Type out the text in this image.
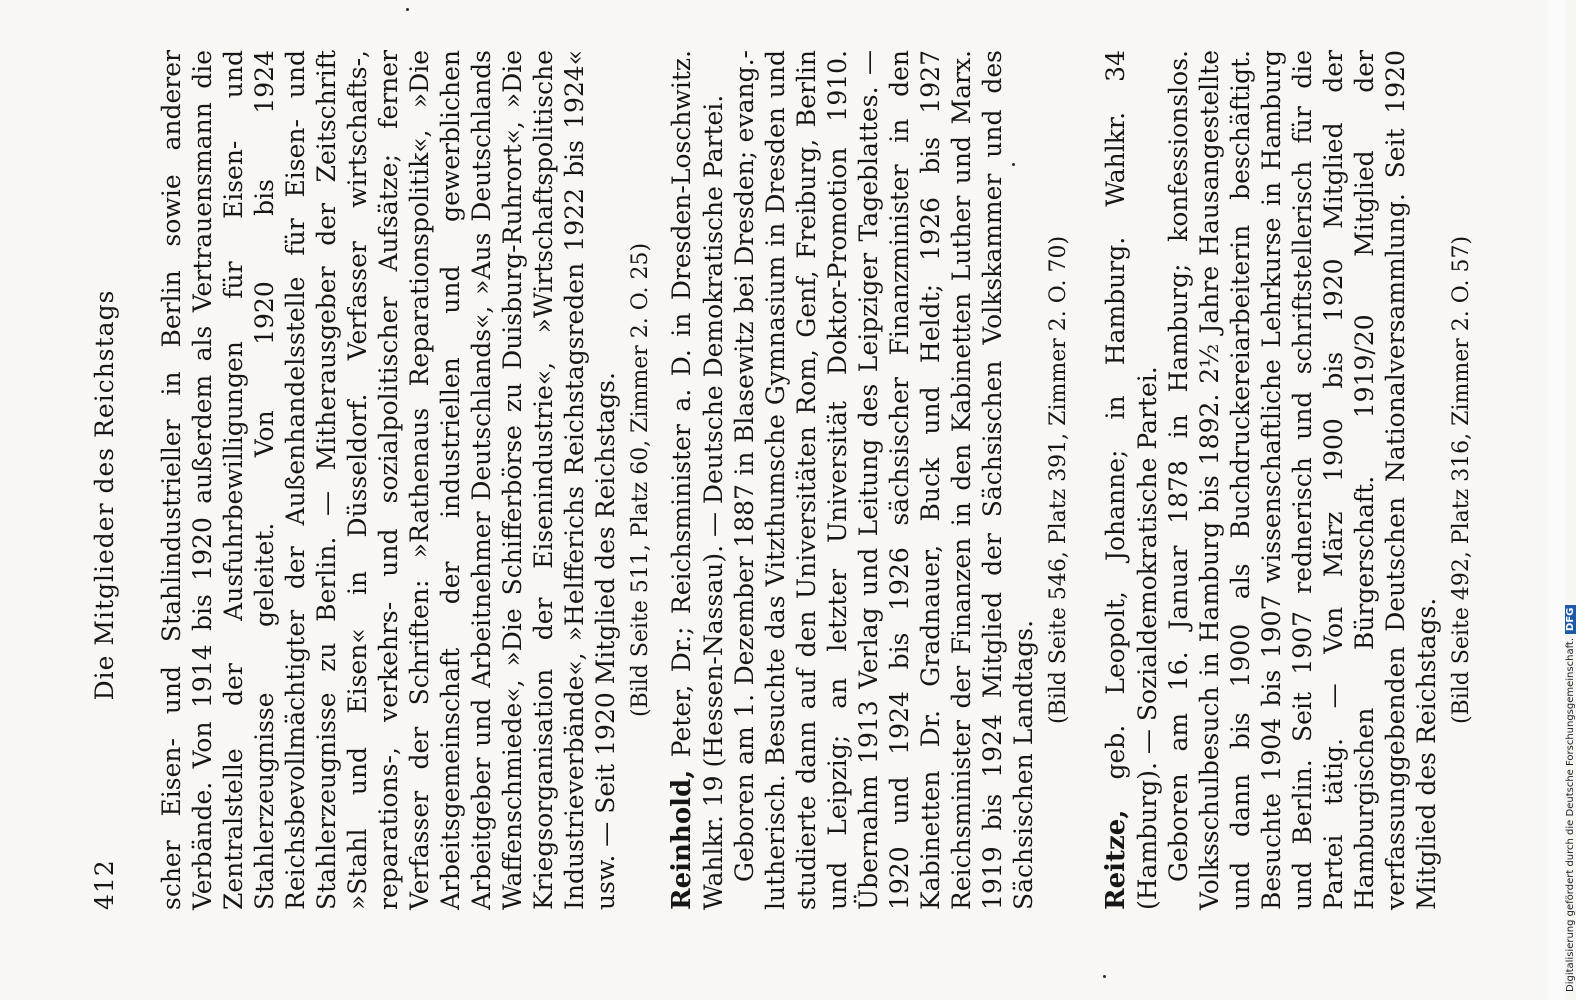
412
Die Mitglieder des Reichstags scher Eisen- und Stahlindustrieller in Berlin sowie anderer Verbände. Von 1914 bis 1920 außerdem als Vertrauensmann die Zentralstelle der Ausfuhrbewilligungen für Eisen- und Stahlerzeugnisse geleitet. Von 1920 bis 1924 Reichsbevollmächtigter der Außenhandelsstelle für Eisen- und Stahlerzeugnisse zu Berlin. — Mitherausgeber der Zeitschrift »Stahl und Eisen« in Düsseldorf. Verfasser wirtschafts-, reparations-, verkehrs- und sozialpolitischer Aufsätze; ferner Verfasser der Schriften: »Rathenaus Reparationspolitik«, »Die Arbeitsgemeinschaft der industriellen und gewerblichen Arbeitgeber und Arbeitnehmer Deutschlands«, »Aus Deutschlands Waffenschmiede«, »Die Schifferbörse zu Duisburg-Ruhrort«, »Die Kriegsorganisation der Eisenindustrie«, »Wirtschaftspolitische Industrieverbände«, »Helfferichs Reichstagsreden 1922 bis 1924« usw. — Seit 1920 Mitglied des Reichstags. (Bild Seite 511, Platz 60, Zimmer 2. O. 25)

Reinhold, Peter, Dr.; Reichsminister a. D. in Dresden-Loschwitz. Wahlkr. 19 (Hessen-Nassau). — Deutsche Demokratische Partei. Geboren am 1. Dezember 1887 in Blasewitz bei Dresden; evang.-lutherisch. Besuchte das Vitzthumsche Gymnasium in Dresden und studierte dann auf den Universitäten Rom, Genf, Freiburg, Berlin und Leipzig; an letzter Universität Doktor-Promotion 1910. Übernahm 1913 Verlag und Leitung des Leipziger Tageblattes. — 1920 und 1924 bis 1926 sächsischer Finanzminister in den Kabinetten Dr. Gradnauer, Buck und Heldt; 1926 bis 1927 Reichsminister der Finanzen in den Kabinetten Luther und Marx. 1919 bis 1924 Mitglied der Sächsischen Volkskammer und des Sächsischen Landtags.

(Bild Seite 546, Platz 391, Zimmer 2. O. 70)

Reitze, geb. Leopolt, Johanne; in Hamburg. Wahlkr. 34 (Hamburg). — Sozialdemokratische Partei. Geboren am 16. Januar 1878 in Hamburg; konfessionslos. Volksschulbesuch in Hamburg bis 1892. 2½ Jahre Hausangestellte und dann bis 1900 als Buchdruckereiarbeiterin beschäftigt. Besuchte 1904 bis 1907 wissenschaftliche Lehrkurse in Hamburg und Berlin. Seit 1907 rednerisch und schriftstellerisch für die Partei tätig. — Von März 1900 bis 1920 Mitglied der Hamburgischen Bürgerschaft. 1919/20 Mitglied der verfassunggebenden Deutschen Nationalversammlung. Seit 1920 Mitglied des Reichstags.

(Bild Seite 492, Platz 316, Zimmer 2. O. 57)

Digitalisierung gefördert durch die Deutsche Forschungsgemeinschaft.DFG
